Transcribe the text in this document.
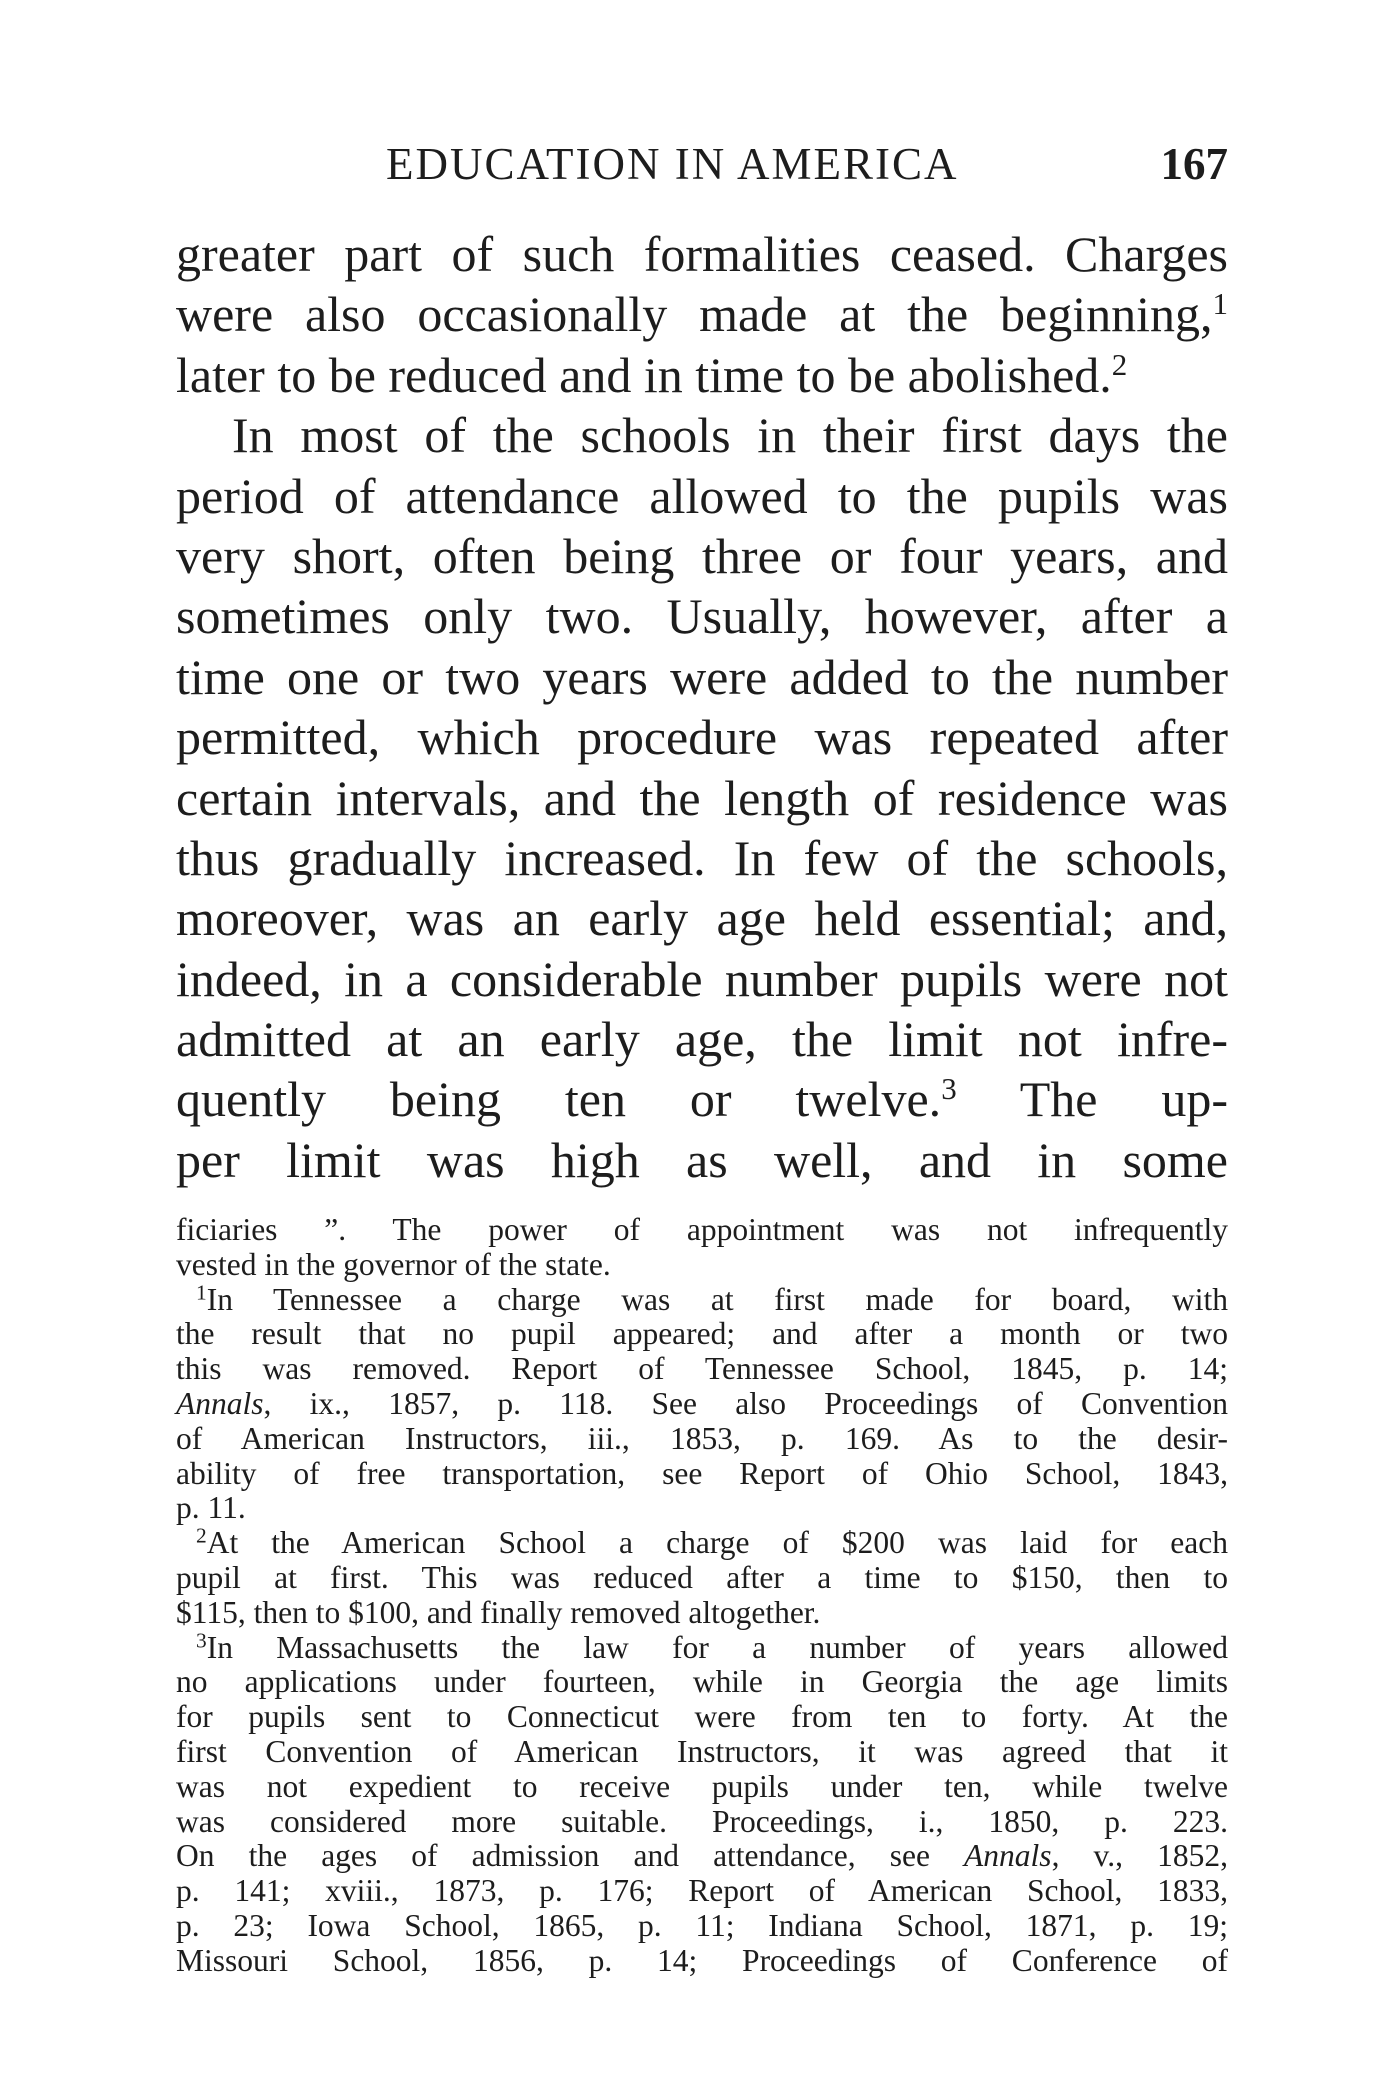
EDUCATION IN AMERICA	167
greater part of such formalities ceased. Charges
were also occasionally made at the beginning,$^1$
later to be reduced and in time to be abolished.$^2$
In most of the schools in their first days the
period of attendance allowed to the pupils was
very short, often being three or four years, and
sometimes only two. Usually, however, after a
time one or two years were added to the number
permitted, which procedure was repeated after
certain intervals, and the length of residence was
thus gradually increased. In few of the schools,
moreover, was an early age held essential; and,
indeed, in a considerable number pupils were not
admitted at an early age, the limit not infre-
quently being ten or twelve.$^3$ The up-
per limit was high as well, and in some
ficiaries ”. The power of appointment was not infrequently
vested in the governor of the state.
$^1$In Tennessee a charge was at first made for board, with
the result that no pupil appeared; and after a month or two
this was removed. Report of Tennessee School, 1845, p. 14;
Annals, ix., 1857, p. 118. See also Proceedings of Convention
of American Instructors, iii., 1853, p. 169. As to the desir-
ability of free transportation, see Report of Ohio School, 1843,
p. 11.
$^2$At the American School a charge of $200 was laid for each
pupil at first. This was reduced after a time to $150, then to
$115, then to $100, and finally removed altogether.
$^3$In Massachusetts the law for a number of years allowed
no applications under fourteen, while in Georgia the age limits
for pupils sent to Connecticut were from ten to forty. At the
first Convention of American Instructors, it was agreed that it
was not expedient to receive pupils under ten, while twelve
was considered more suitable. Proceedings, i., 1850, p. 223.
On the ages of admission and attendance, see Annals, v., 1852,
p. 141; xviii., 1873, p. 176; Report of American School, 1833,
p. 23; Iowa School, 1865, p. 11; Indiana School, 1871, p. 19;
Missouri School, 1856, p. 14; Proceedings of Conference of
